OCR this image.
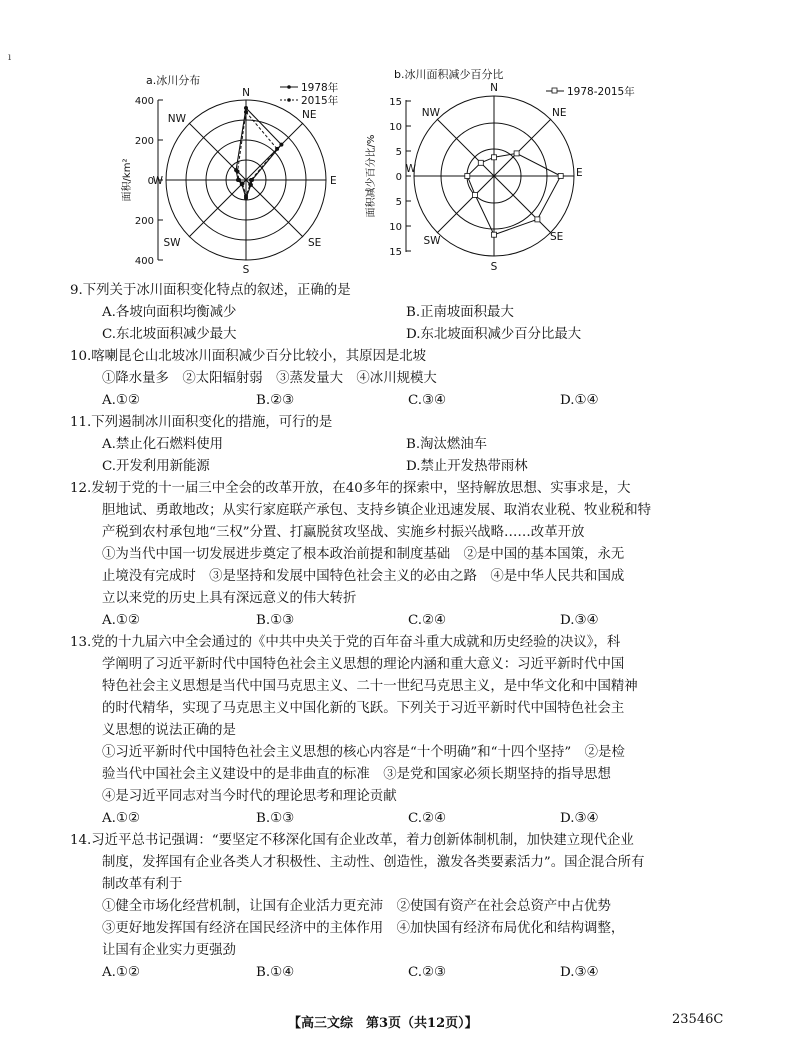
ı
a.冰川分布
1978年
2015年
400
200
0
200
400
面积/km²
N
NE
E
SE
S
SW
W
NW
b.冰川面积减少百分比
1978-2015年
15
10
5
0
5
10
15
面积减少百分比/%
N
NE
E
SE
S
SW
W
NW
9.下列关于冰川面积变化特点的叙述，正确的是
A.各坡向面积均衡减少	B.正南坡面积最大
C.东北坡面积减少最大	D.东北坡面积减少百分比最大
10.喀喇昆仑山北坡冰川面积减少百分比较小，其原因是北坡
①降水量多　②太阳辐射弱　③蒸发量大　④冰川规模大
A.①②	B.②③	C.③④	D.①④
11.下列遏制冰川面积变化的措施，可行的是
A.禁止化石燃料使用	B.淘汰燃油车
C.开发利用新能源	D.禁止开发热带雨林
12.发轫于党的十一届三中全会的改革开放，在40多年的探索中，坚持解放思想、实事求是，大
胆地试、勇敢地改；从实行家庭联产承包、支持乡镇企业迅速发展、取消农业税、牧业税和特
产税到农村承包地“三权”分置、打赢脱贫攻坚战、实施乡村振兴战略……改革开放
①为当代中国一切发展进步奠定了根本政治前提和制度基础　②是中国的基本国策，永无
止境没有完成时　③是坚持和发展中国特色社会主义的必由之路　④是中华人民共和国成
立以来党的历史上具有深远意义的伟大转折
A.①②	B.①③	C.②④	D.③④
13.党的十九届六中全会通过的《中共中央关于党的百年奋斗重大成就和历史经验的决议》，科
学阐明了习近平新时代中国特色社会主义思想的理论内涵和重大意义：习近平新时代中国
特色社会主义思想是当代中国马克思主义、二十一世纪马克思主义，是中华文化和中国精神
的时代精华，实现了马克思主义中国化新的飞跃。下列关于习近平新时代中国特色社会主
义思想的说法正确的是
①习近平新时代中国特色社会主义思想的核心内容是“十个明确”和“十四个坚持”　②是检
验当代中国社会主义建设中的是非曲直的标准　③是党和国家必须长期坚持的指导思想
④是习近平同志对当今时代的理论思考和理论贡献
A.①②	B.①③	C.②④	D.③④
14.习近平总书记强调：“要坚定不移深化国有企业改革，着力创新体制机制，加快建立现代企业
制度，发挥国有企业各类人才积极性、主动性、创造性，激发各类要素活力”。国企混合所有
制改革有利于
①健全市场化经营机制，让国有企业活力更充沛　②使国有资产在社会总资产中占优势
③更好地发挥国有经济在国民经济中的主体作用　④加快国有经济布局优化和结构调整，
让国有企业实力更强劲
A.①②	B.①④	C.②③	D.③④
【高三文综　第3页（共12页）】	23546C
